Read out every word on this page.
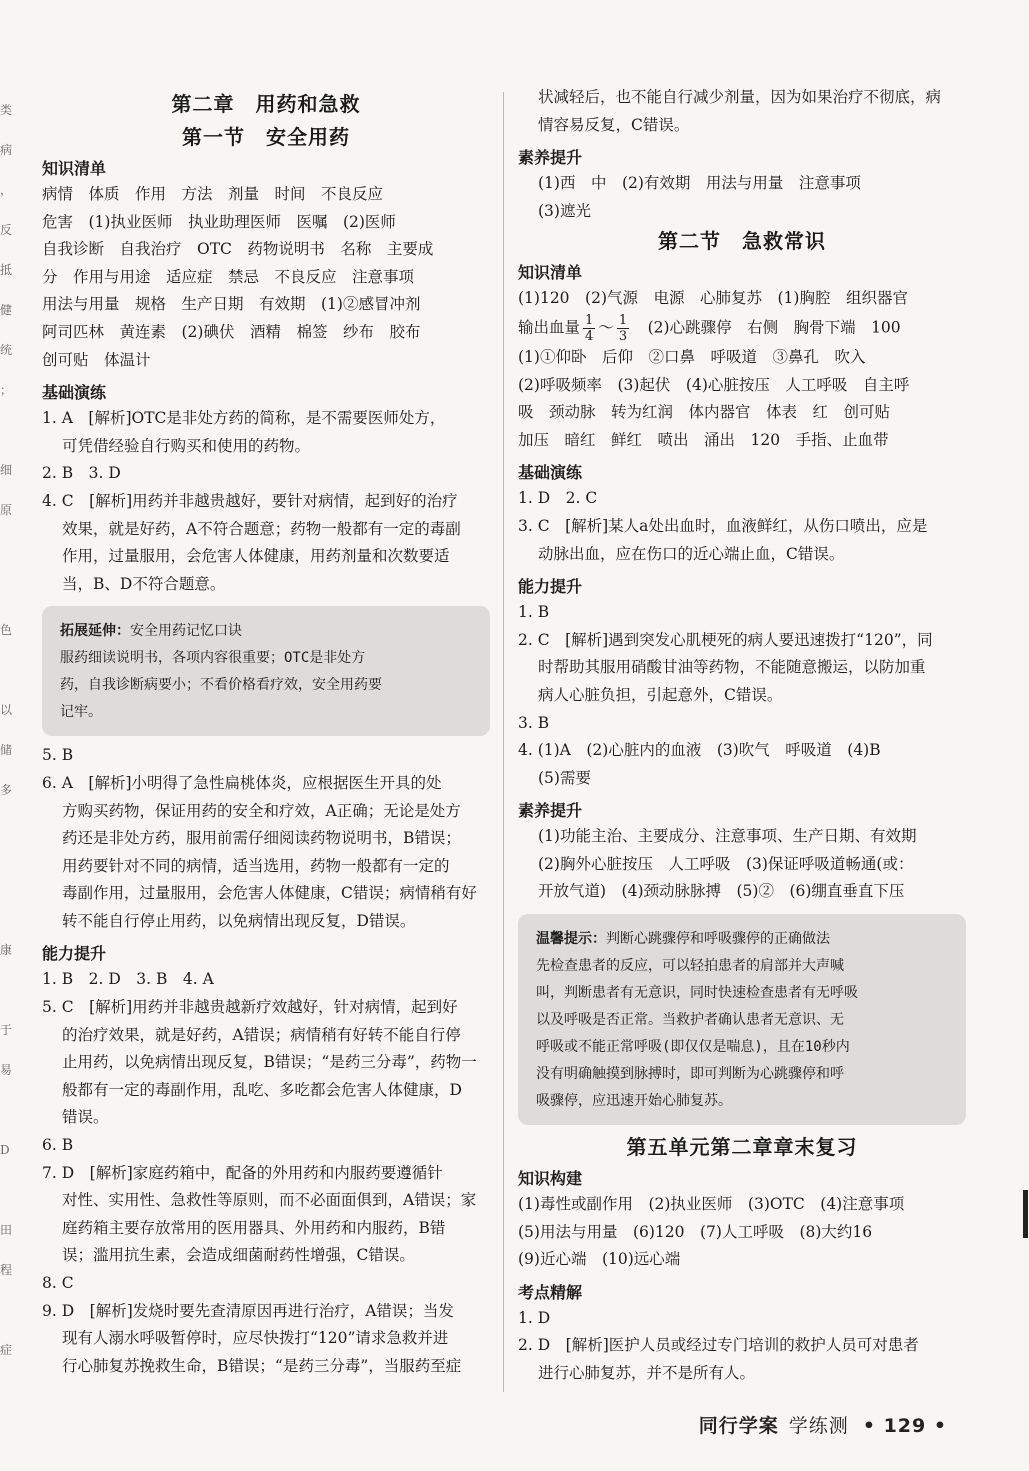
类
病
，
反
抵
健
统
；
细
原
色
以
储
多
康
于
易
D
田
程
症
第二章　用药和急救
第一节　安全用药
知识清单
病情　体质　作用　方法　剂量　时间　不良反应
危害　(1)执业医师　执业助理医师　医嘱　(2)医师
自我诊断　自我治疗　OTC　药物说明书　名称　主要成
分　作用与用途　适应症　禁忌　不良反应　注意事项
用法与用量　规格　生产日期　有效期　(1)②感冒冲剂
阿司匹林　黄连素　(2)碘伏　酒精　棉签　纱布　胶布
创可贴　体温计
基础演练
1. A　[解析]OTC是非处方药的简称，是不需要医师处方，
可凭借经验自行购买和使用的药物。
2. B　3. D
4. C　[解析]用药并非越贵越好，要针对病情，起到好的治疗
效果，就是好药，A不符合题意；药物一般都有一定的毒副
作用，过量服用，会危害人体健康，用药剂量和次数要适
当，B、D不符合题意。
拓展延伸：安全用药记忆口诀
服药细读说明书，各项内容很重要；OTC是非处方
药，自我诊断病要小；不看价格看疗效，安全用药要
记牢。
5. B
6. A　[解析]小明得了急性扁桃体炎，应根据医生开具的处
方购买药物，保证用药的安全和疗效，A正确；无论是处方
药还是非处方药，服用前需仔细阅读药物说明书，B错误；
用药要针对不同的病情，适当选用，药物一般都有一定的
毒副作用，过量服用，会危害人体健康，C错误；病情稍有好
转不能自行停止用药，以免病情出现反复，D错误。
能力提升
1. B　2. D　3. B　4. A
5. C　[解析]用药并非越贵越新疗效越好，针对病情，起到好
的治疗效果，就是好药，A错误；病情稍有好转不能自行停
止用药，以免病情出现反复，B错误；“是药三分毒”，药物一
般都有一定的毒副作用，乱吃、多吃都会危害人体健康，D
错误。
6. B
7. D　[解析]家庭药箱中，配备的外用药和内服药要遵循针
对性、实用性、急救性等原则，而不必面面俱到，A错误；家
庭药箱主要存放常用的医用器具、外用药和内服药，B错
误；滥用抗生素，会造成细菌耐药性增强，C错误。
8. C
9. D　[解析]发烧时要先查清原因再进行治疗，A错误；当发
现有人溺水呼吸暂停时，应尽快拨打“120”请求急救并进
行心肺复苏挽救生命，B错误；“是药三分毒”，当服药至症
状减轻后，也不能自行减少剂量，因为如果治疗不彻底，病
情容易反复，C错误。
素养提升
(1)西　中　(2)有效期　用法与用量　注意事项
(3)遮光
第二节　急救常识
知识清单
(1)120　(2)气源　电源　心肺复苏　(1)胸腔　组织器官
输出血量 $\frac{1}{4}$ ～ $\frac{1}{3}$
　 (2)心跳骤停　右侧　胸骨下端　100
(1)①仰卧　后仰　②口鼻　呼吸道　③鼻孔　吹入
(2)呼吸频率　(3)起伏　(4)心脏按压　人工呼吸　自主呼
吸　颈动脉　转为红润　体内器官　体表　红　创可贴
加压　暗红　鲜红　喷出　涌出　120　手指、止血带
基础演练
1. D　2. C
3. C　[解析]某人a处出血时，血液鲜红，从伤口喷出，应是
动脉出血，应在伤口的近心端止血，C错误。
能力提升
1. B
2. C　[解析]遇到突发心肌梗死的病人要迅速拨打“120”，同
时帮助其服用硝酸甘油等药物，不能随意搬运，以防加重
病人心脏负担，引起意外，C错误。
3. B
4. (1)A　(2)心脏内的血液　(3)吹气　呼吸道　(4)B
(5)需要
素养提升
(1)功能主治、主要成分、注意事项、生产日期、有效期
(2)胸外心脏按压　人工呼吸　(3)保证呼吸道畅通(或：
开放气道)　(4)颈动脉脉搏　(5)②　(6)绷直垂直下压
温馨提示：判断心跳骤停和呼吸骤停的正确做法
先检查患者的反应，可以轻拍患者的肩部并大声喊
叫，判断患者有无意识，同时快速检查患者有无呼吸
以及呼吸是否正常。当救护者确认患者无意识、无
呼吸或不能正常呼吸(即仅仅是喘息)，且在10秒内
没有明确触摸到脉搏时，即可判断为心跳骤停和呼
吸骤停，应迅速开始心肺复苏。
第五单元第二章章末复习
知识构建
(1)毒性或副作用　(2)执业医师　(3)OTC　(4)注意事项
(5)用法与用量　(6)120　(7)人工呼吸　(8)大约16
(9)近心端　(10)远心端
考点精解
1. D
2. D　[解析]医护人员或经过专门培训的救护人员可对患者
进行心肺复苏，并不是所有人。
同行学案 学练测 • 129 •
